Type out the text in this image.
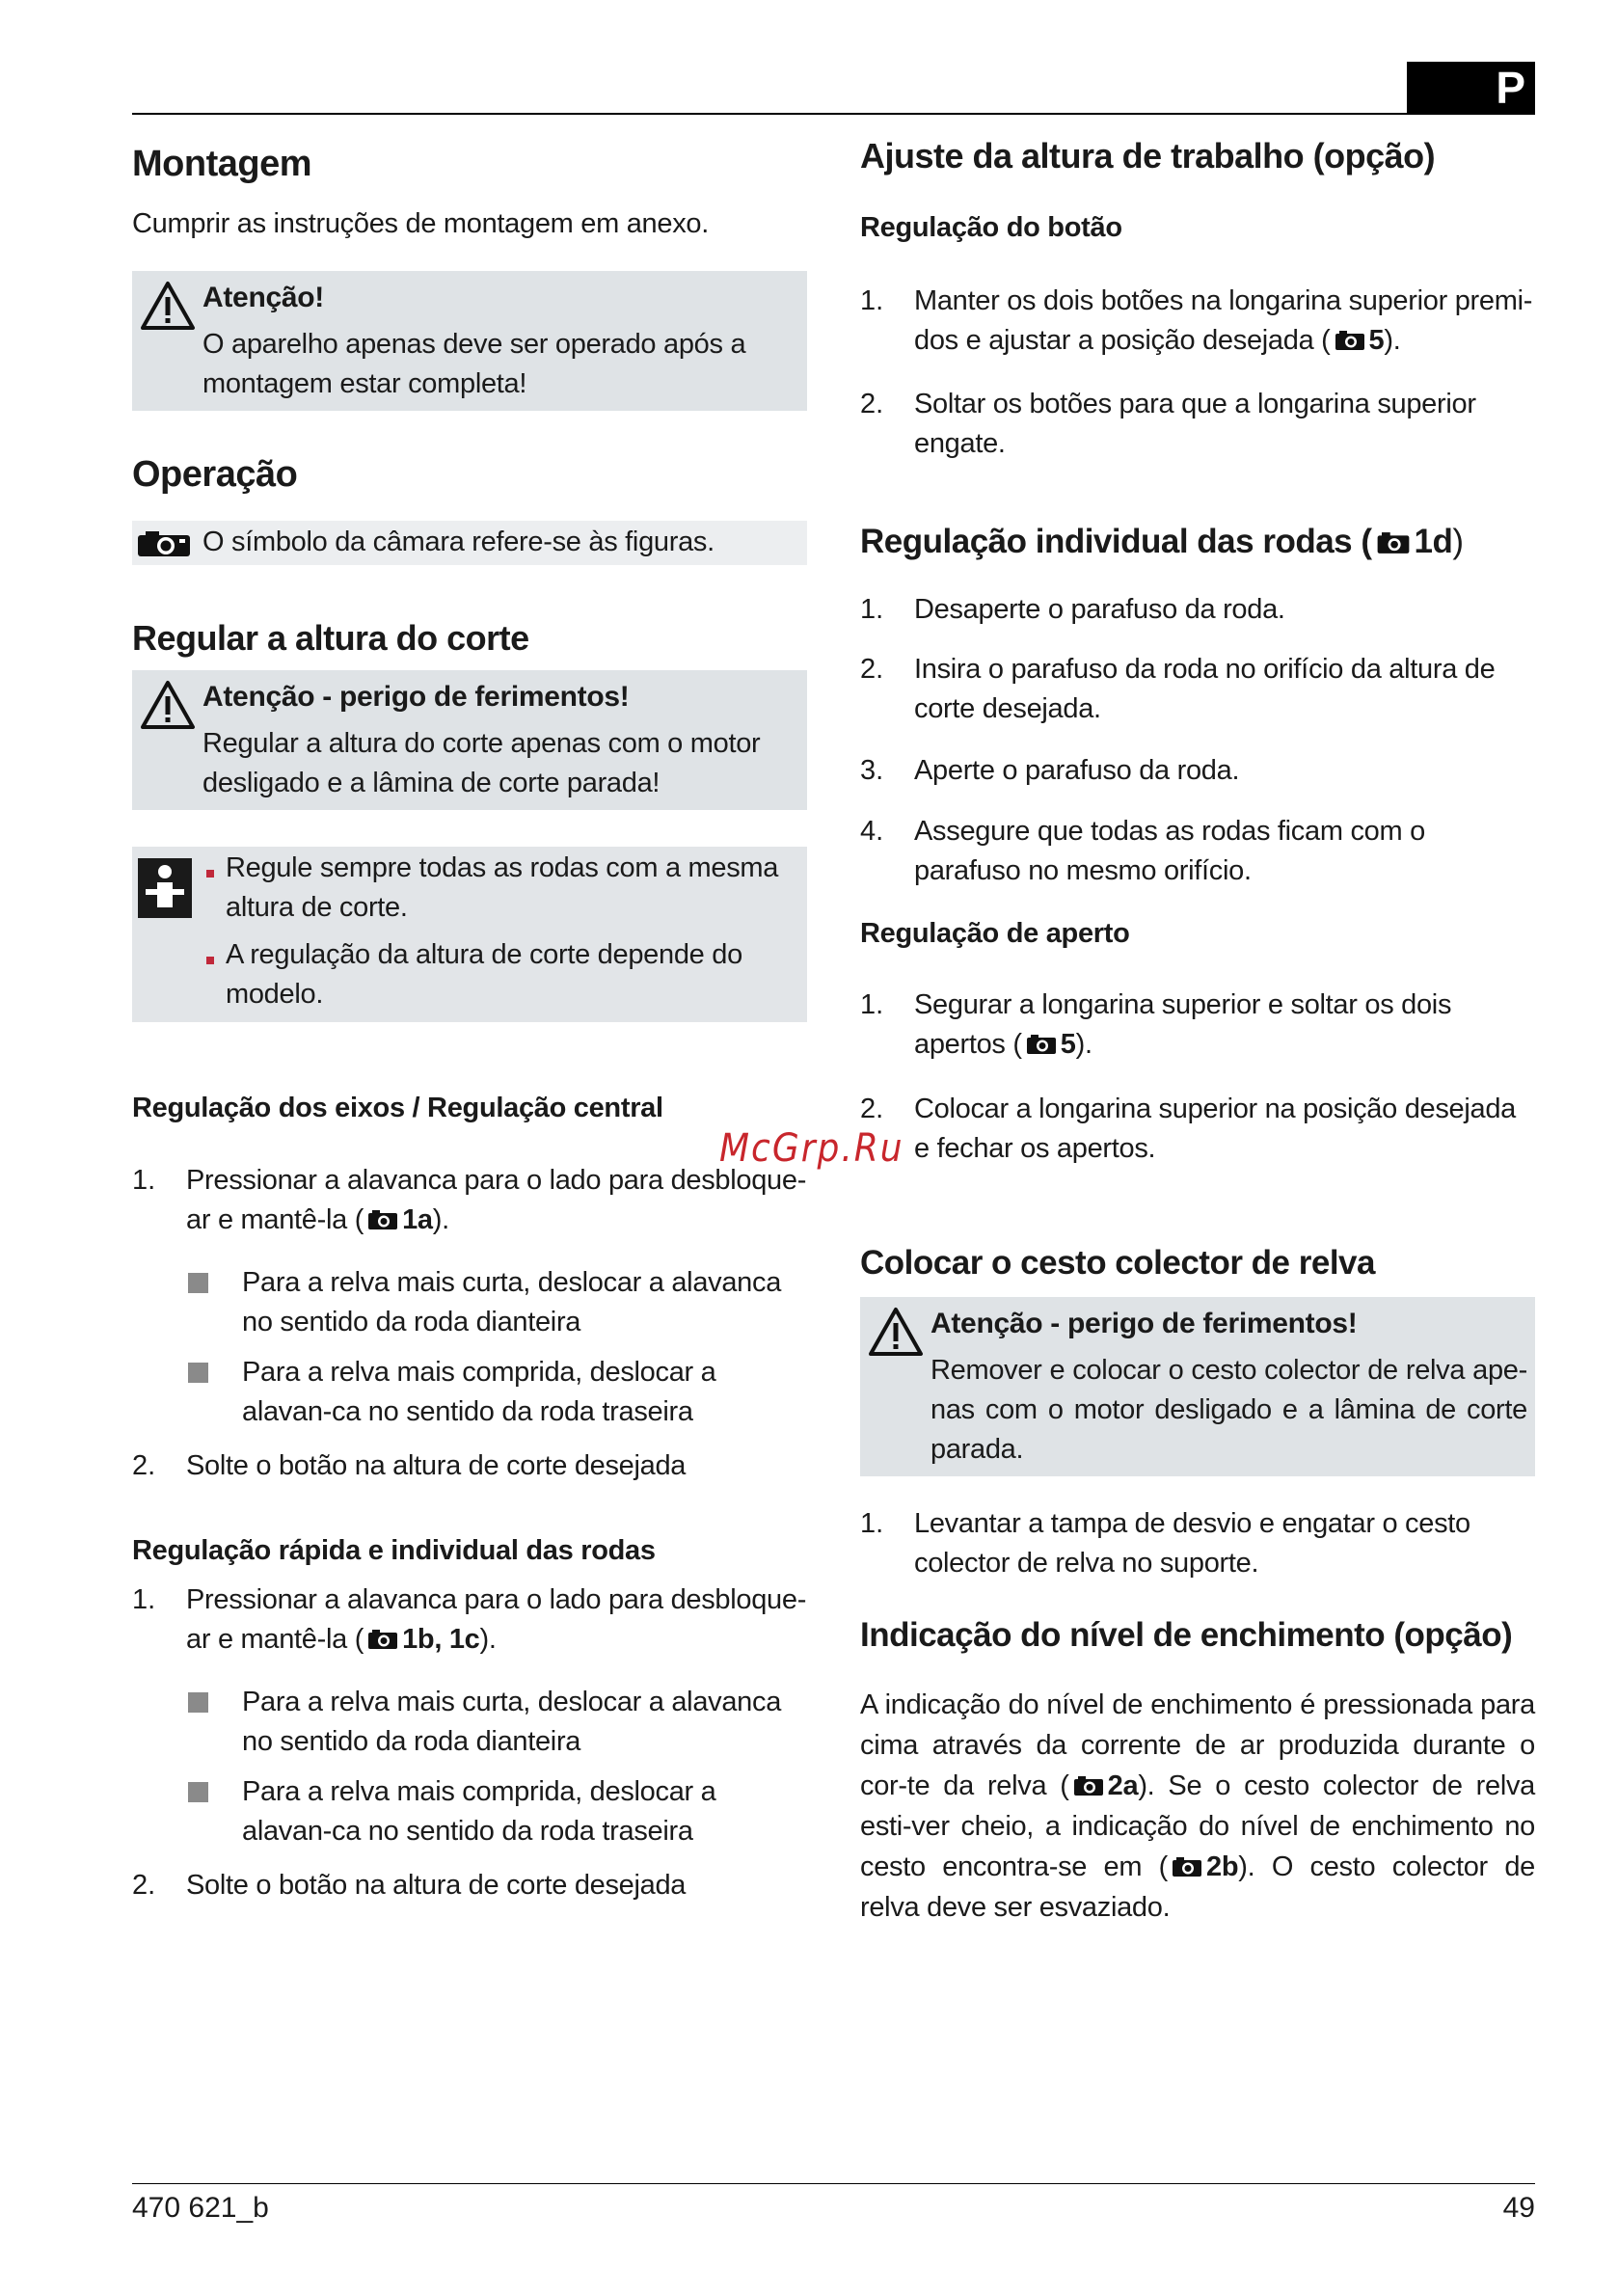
P
Montagem
Cumprir as instruções de montagem em anexo.
Atenção!
O aparelho apenas deve ser operado após a montagem estar completa!
Operação
O símbolo da câmara refere-se às figuras.
Regular a altura do corte
Atenção - perigo de ferimentos!
Regular a altura do corte apenas com o motor desligado e a lâmina de corte parada!
Regule sempre todas as rodas com a mesma altura de corte.
A regulação da altura de corte depende do modelo.
Regulação dos eixos / Regulação central
1. Pressionar a alavanca para o lado para desbloque-ar e mantê-la ( 1a).
Para a relva mais curta, deslocar a alavanca no sentido da roda dianteira
Para a relva mais comprida, deslocar a alavan-ca no sentido da roda traseira
2. Solte o botão na altura de corte desejada
Regulação rápida e individual das rodas
1. Pressionar a alavanca para o lado para desbloque-ar e mantê-la ( 1b, 1c).
Para a relva mais curta, deslocar a alavanca no sentido da roda dianteira
Para a relva mais comprida, deslocar a alavan-ca no sentido da roda traseira
2. Solte o botão na altura de corte desejada
Ajuste da altura de trabalho (opção)
Regulação do botão
1. Manter os dois botões na longarina superior premi-dos e ajustar a posição desejada ( 5).
2. Soltar os botões para que a longarina superior engate.
Regulação individual das rodas ( 1d)
1. Desaperte o parafuso da roda.
2. Insira o parafuso da roda no orifício da altura de corte desejada.
3. Aperte o parafuso da roda.
4. Assegure que todas as rodas ficam com o parafuso no mesmo orifício.
Regulação de aperto
1. Segurar a longarina superior e soltar os dois apertos ( 5).
2. Colocar a longarina superior na posição desejada e fechar os apertos.
Colocar o cesto colector de relva
Atenção - perigo de ferimentos!
Remover e colocar o cesto colector de relva ape-nas com o motor desligado e a lâmina de corte parada.
1. Levantar a tampa de desvio e engatar o cesto colector de relva no suporte.
Indicação do nível de enchimento (opção)
A indicação do nível de enchimento é pressionada para cima através da corrente de ar produzida durante o cor-te da relva ( 2a). Se o cesto colector de relva esti-ver cheio, a indicação do nível de enchimento no cesto encontra-se em ( 2b). O cesto colector de relva deve ser esvaziado.
McGrp.Ru
470 621_b	49
